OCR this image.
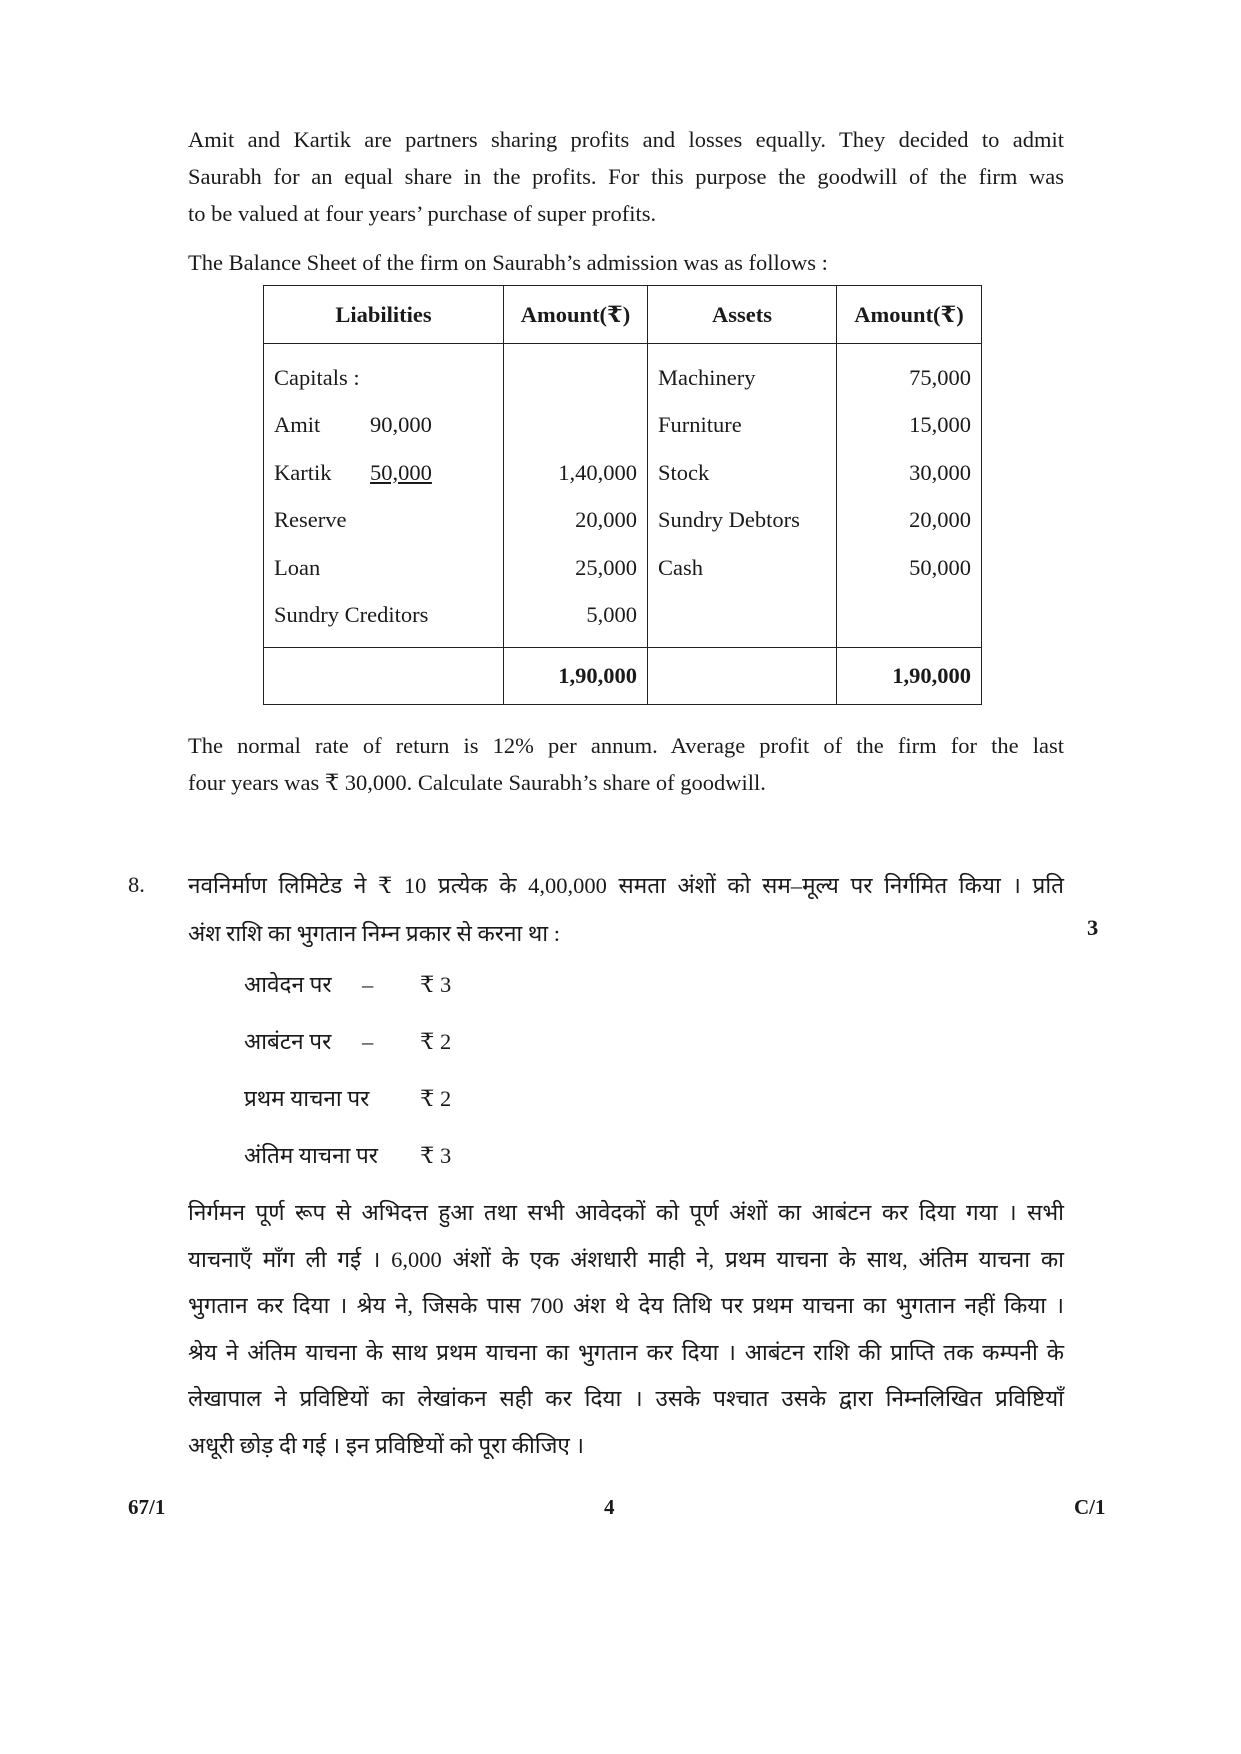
Amit and Kartik are partners sharing profits and losses equally. They decided to admit
Saurabh for an equal share in the profits. For this purpose the goodwill of the firm was
to be valued at four years’ purchase of super profits.

The Balance Sheet of the firm on Saurabh’s admission was as follows :

Liabilities	Amount(₹)	Assets	Amount(₹)
Capitals :		Machinery	75,000
Amit 90,000		Furniture	15,000
Kartik 50,000	1,40,000	Stock	30,000
Reserve	20,000	Sundry Debtors	20,000
Loan	25,000	Cash	50,000
Sundry Creditors	5,000		
	1,90,000		1,90,000

The normal rate of return is 12% per annum. Average profit of the firm for the last
four years was ₹ 30,000. Calculate Saurabh’s share of goodwill.

8. नवनिर्माण लिमिटेड ने ₹ 10 प्रत्येक के 4,00,000 समता अंशों को सम–मूल्य पर निर्गमित किया । प्रति
अंश राशि का भुगतान निम्न प्रकार से करना था :	3
आवेदन पर – ₹ 3
आबंटन पर – ₹ 2
प्रथम याचना पर ₹ 2
अंतिम याचना पर ₹ 3

निर्गमन पूर्ण रूप से अभिदत्त हुआ तथा सभी आवेदकों को पूर्ण अंशों का आबंटन कर दिया गया । सभी
याचनाएँ माँग ली गई । 6,000 अंशों के एक अंशधारी माही ने, प्रथम याचना के साथ, अंतिम याचना का
भुगतान कर दिया । श्रेय ने, जिसके पास 700 अंश थे देय तिथि पर प्रथम याचना का भुगतान नहीं किया ।
श्रेय ने अंतिम याचना के साथ प्रथम याचना का भुगतान कर दिया । आबंटन राशि की प्राप्ति तक कम्पनी के
लेखापाल ने प्रविष्टियों का लेखांकन सही कर दिया । उसके पश्चात उसके द्वारा निम्नलिखित प्रविष्टियाँ
अधूरी छोड़ दी गई । इन प्रविष्टियों को पूरा कीजिए ।

67/1	4	C/1
